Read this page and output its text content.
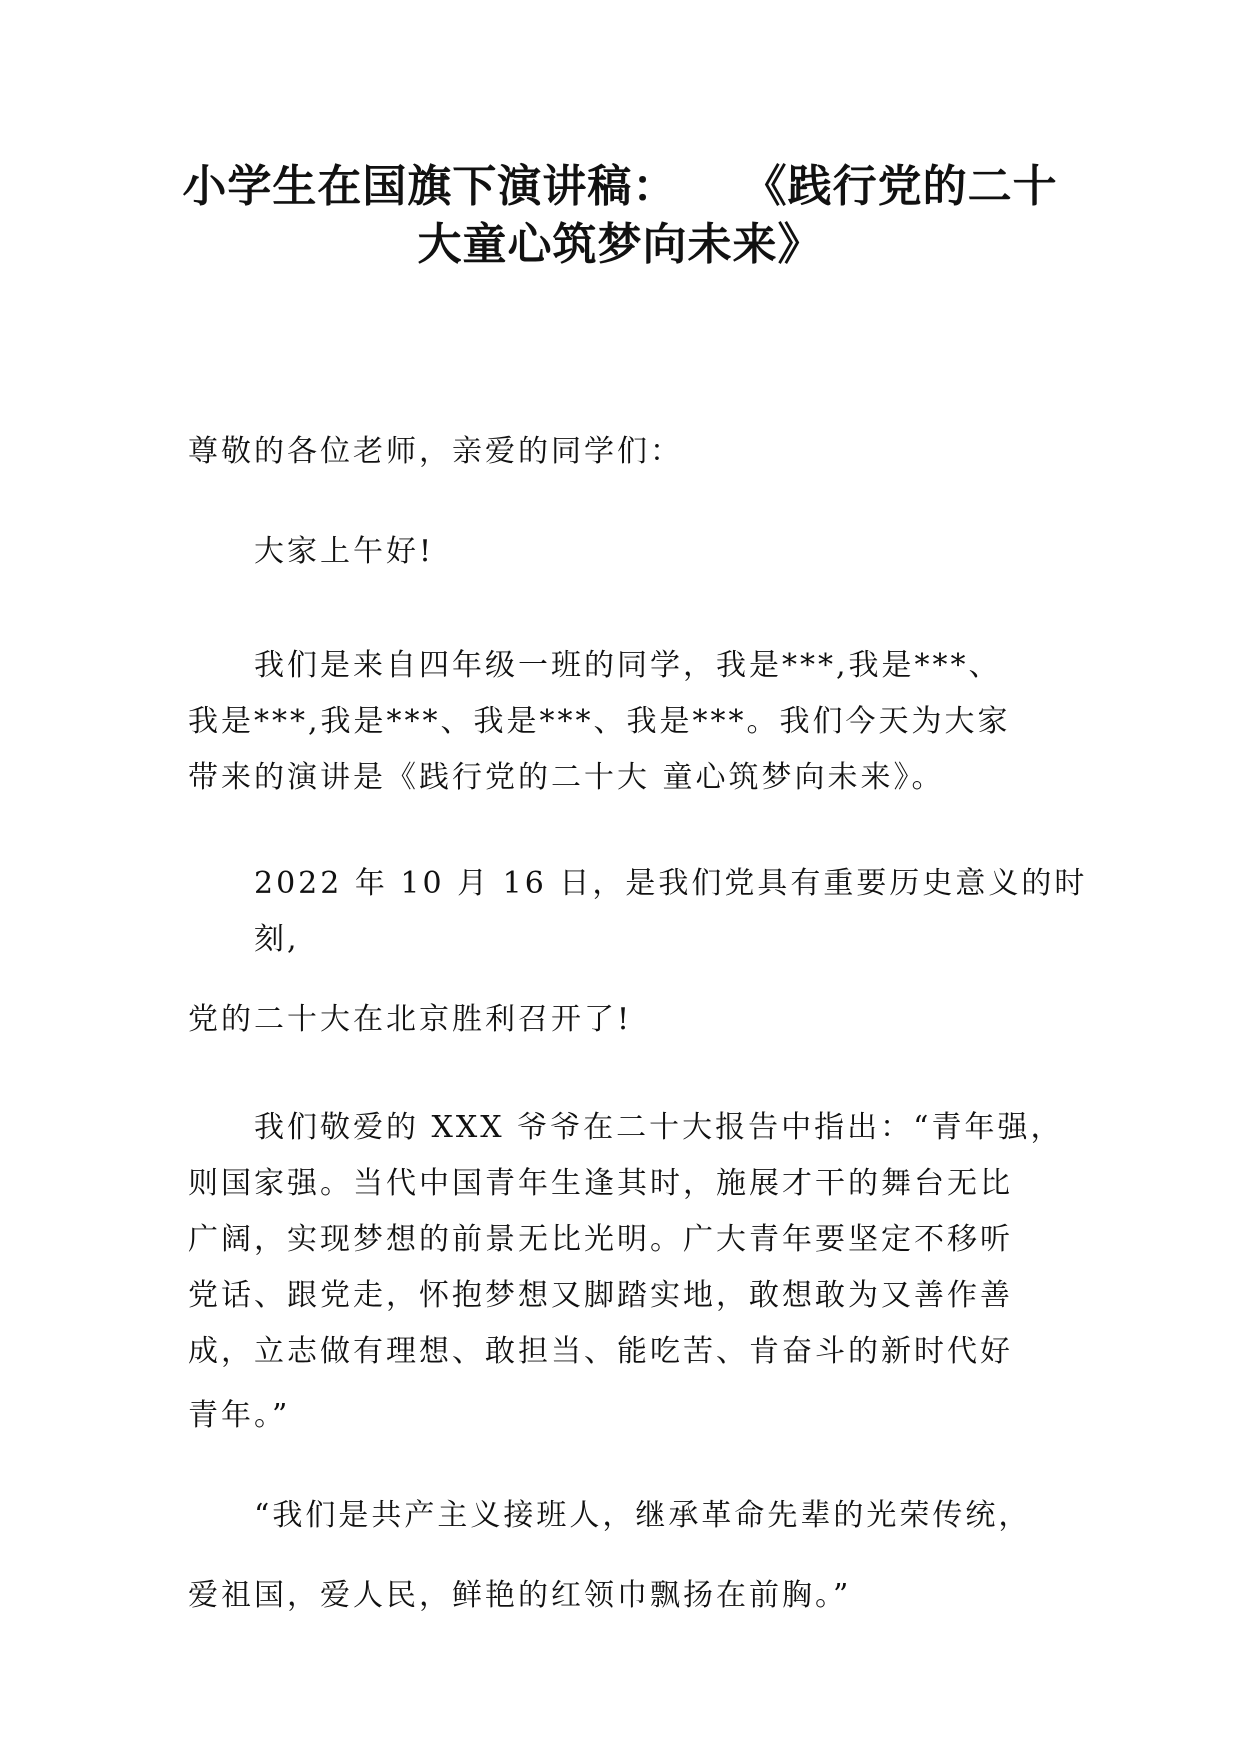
小学生在国旗下演讲稿：    《践行党的二十
大童心筑梦向未来》

尊敬的各位老师，亲爱的同学们：

大家上午好!

我们是来自四年级一班的同学，我是***,我是***、
我是***,我是***、我是***、我是***。我们今天为大家
带来的演讲是《践行党的二十大 童心筑梦向未来》。

2022 年 10 月 16 日，是我们党具有重要历史意义的时
刻,

党的二十大在北京胜利召开了!

我们敬爱的 XXX 爷爷在二十大报告中指出：“青年强，
则国家强。当代中国青年生逢其时，施展才干的舞台无比
广阔，实现梦想的前景无比光明。广大青年要坚定不移听
党话、跟党走，怀抱梦想又脚踏实地，敢想敢为又善作善
成，立志做有理想、敢担当、能吃苦、肯奋斗的新时代好
青年。”

“我们是共产主义接班人，继承革命先辈的光荣传统，
爱祖国，爱人民，鲜艳的红领巾飘扬在前胸。”
